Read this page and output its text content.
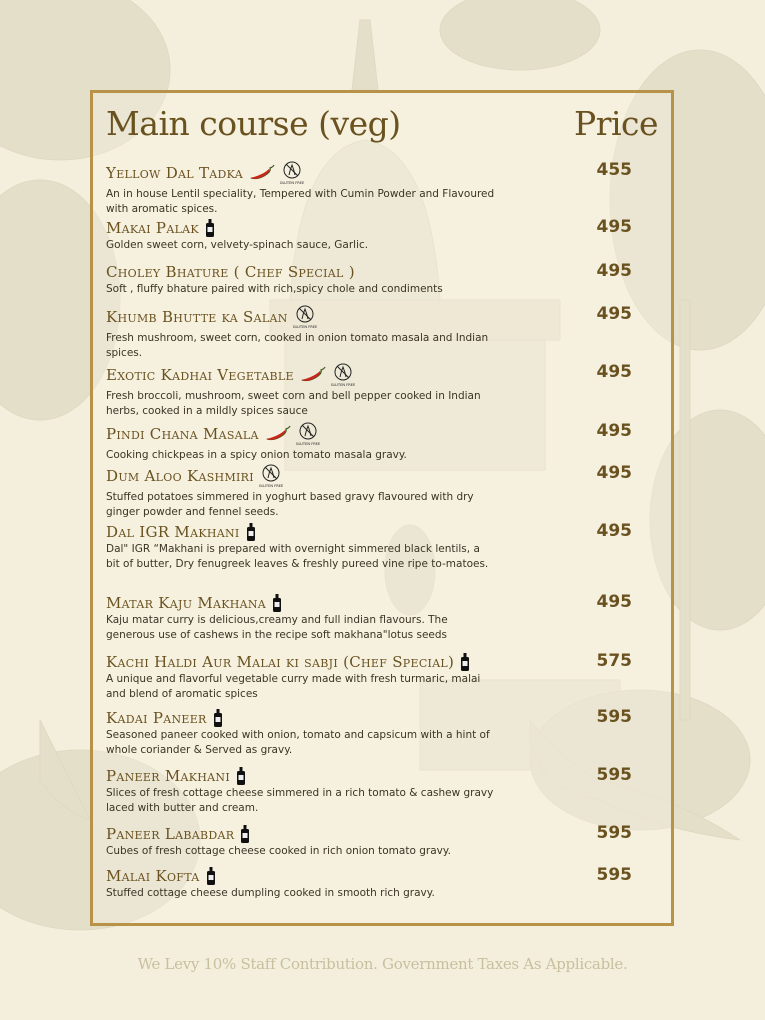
Main course (veg)	Price
Yellow Dal Tadka
GLUTEN FREE
An in house Lentil speciality, Tempered with Cumin Powder and Flavoured with aromatic spices.
455
Makai Palak
Golden sweet corn, velvety-spinach sauce, Garlic.
495
Choley Bhature ( Chef Special )
Soft , fluffy bhature paired with rich,spicy chole and condiments
495
Khumb Bhutte ka Salan
GLUTEN FREE
Fresh mushroom, sweet corn, cooked in onion tomato masala and Indian spices.
495
Exotic Kadhai Vegetable
GLUTEN FREE
Fresh broccoli, mushroom, sweet corn and bell pepper cooked in Indian herbs, cooked in a mildly spices sauce
495
Pindi Chana Masala
GLUTEN FREE
Cooking chickpeas in a spicy onion tomato masala gravy.
495
Dum Aloo Kashmiri
GLUTEN FREE
Stuffed potatoes simmered in yoghurt based gravy flavoured with dry ginger powder and fennel seeds.
495
Dal IGR Makhani
Dal" IGR “Makhani is prepared with overnight simmered black lentils, a bit of butter, Dry fenugreek leaves & freshly pureed vine ripe to-matoes.
495
Matar Kaju Makhana
Kaju matar curry is delicious,creamy and full indian flavours. The generous use of cashews in the recipe soft makhana"lotus seeds
495
Kachi Haldi Aur Malai ki sabji (Chef Special)
A unique and flavorful vegetable curry made with fresh turmaric, malai and blend of aromatic spices
575
Kadai Paneer
Seasoned paneer cooked with onion, tomato and capsicum with a hint of whole coriander & Served as gravy.
595
Paneer Makhani
Slices of fresh cottage cheese simmered in a rich tomato & cashew gravy laced with butter and cream.
595
Paneer Lababdar
Cubes of fresh cottage cheese cooked in rich onion tomato gravy.
595
Malai Kofta
Stuffed cottage cheese dumpling cooked in smooth rich gravy.
595
We Levy 10% Staff Contribution. Government Taxes As Applicable.
